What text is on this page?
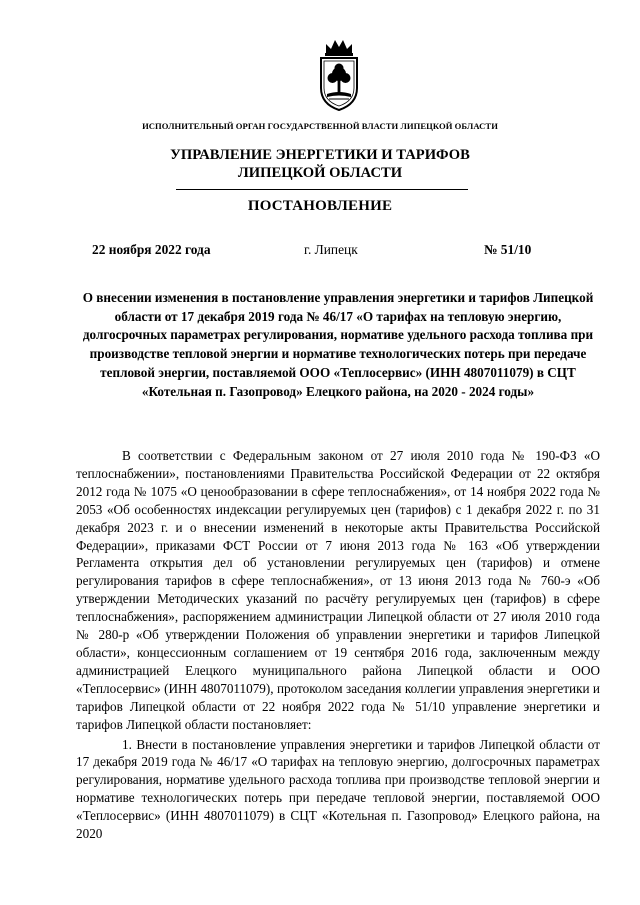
ИСПОЛНИТЕЛЬНЫЙ ОРГАН ГОСУДАРСТВЕННОЙ ВЛАСТИ ЛИПЕЦКОЙ ОБЛАСТИ
УПРАВЛЕНИЕ ЭНЕРГЕТИКИ И ТАРИФОВ
ЛИПЕЦКОЙ ОБЛАСТИ
ПОСТАНОВЛЕНИЕ
22 ноября 2022 года	г. Липецк	№ 51/10
О внесении изменения в постановление управления энергетики и тарифов Липецкой области от 17 декабря 2019 года № 46/17 «О тарифах на тепловую энергию, долгосрочных параметрах регулирования, нормативе удельного расхода топлива при производстве тепловой энергии и нормативе технологических потерь при передаче тепловой энергии, поставляемой ООО «Теплосервис» (ИНН 4807011079) в СЦТ «Котельная п. Газопровод» Елецкого района, на 2020 - 2024 годы»

В соответствии с Федеральным законом от 27 июля 2010 года № 190-ФЗ «О теплоснабжении», постановлениями Правительства Российской Федерации от 22 октября 2012 года № 1075 «О ценообразовании в сфере теплоснабжения», от 14 ноября 2022 года № 2053 «Об особенностях индексации регулируемых цен (тарифов) с 1 декабря 2022 г. по 31 декабря 2023 г. и о внесении изменений в некоторые акты Правительства Российской Федерации», приказами ФСТ России от 7 июня 2013 года № 163 «Об утверждении Регламента открытия дел об установлении регулируемых цен (тарифов) и отмене регулирования тарифов в сфере теплоснабжения», от 13 июня 2013 года № 760-э «Об утверждении Методических указаний по расчёту регулируемых цен (тарифов) в сфере теплоснабжения», распоряжением администрации Липецкой области от 27 июля 2010 года № 280-р «Об утверждении Положения об управлении энергетики и тарифов Липецкой области», концессионным соглашением от 19 сентября 2016 года, заключенным между администрацией Елецкого муниципального района Липецкой области и ООО «Теплосервис» (ИНН 4807011079), протоколом заседания коллегии управления энергетики и тарифов Липецкой области от 22 ноября 2022 года № 51/10 управление энергетики и тарифов Липецкой области постановляет:

1. Внести в постановление управления энергетики и тарифов Липецкой области от 17 декабря 2019 года № 46/17 «О тарифах на тепловую энергию, долгосрочных параметрах регулирования, нормативе удельного расхода топлива при производстве тепловой энергии и нормативе технологических потерь при передаче тепловой энергии, поставляемой ООО «Теплосервис» (ИНН 4807011079) в СЦТ «Котельная п. Газопровод» Елецкого района, на 2020
